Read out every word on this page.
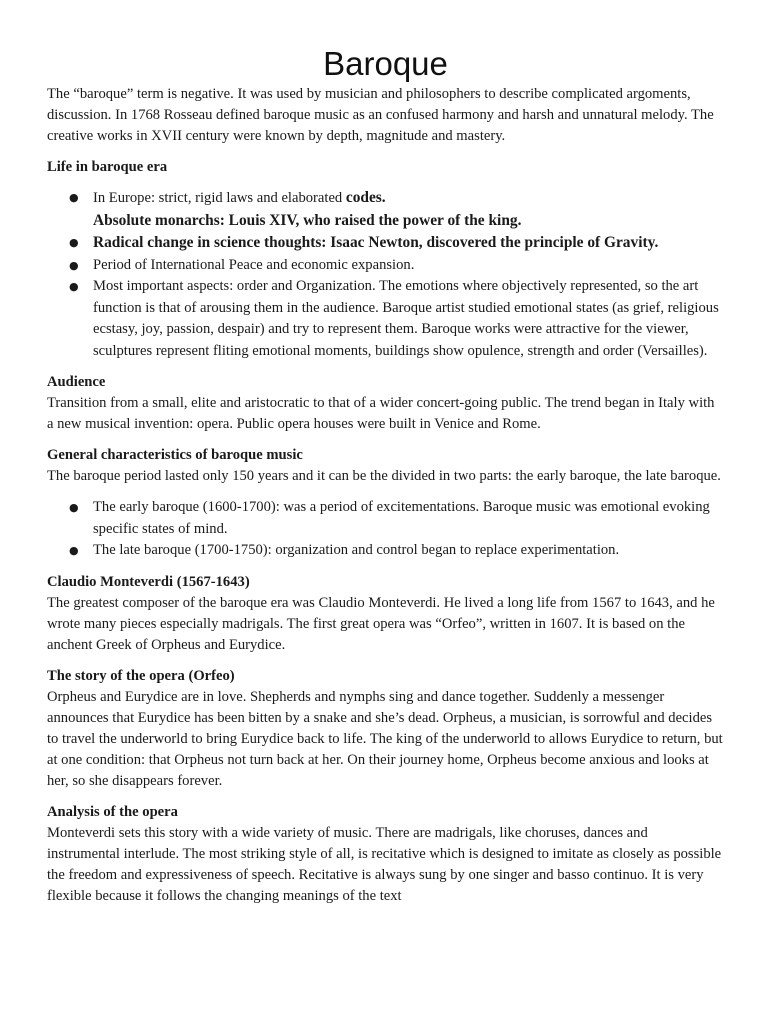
Baroque

The “baroque” term is negative. It was used by musician and philosophers to describe complicated argoments, discussion. In 1768 Rosseau defined baroque music as an confused harmony and harsh and unnatural melody. The creative works in XVII century were known by depth, magnitude and mastery.

Life in baroque era

● In Europe: strict, rigid laws and elaborated codes.
Absolute monarchs: Louis XIV, who raised the power of the king.
● Radical change in science thoughts: Isaac Newton, discovered the principle of Gravity.
● Period of International Peace and economic expansion.
● Most important aspects: order and Organization. The emotions where objectively represented, so the art function is that of arousing them in the audience. Baroque artist studied emotional states (as grief, religious ecstasy, joy, passion, despair) and try to represent them. Baroque works were attractive for the viewer, sculptures represent fliting emotional moments, buildings show opulence, strength and order (Versailles).

Audience

Transition from a small, elite and aristocratic to that of a wider concert-going public. The trend began in Italy with a new musical invention: opera. Public opera houses were built in Venice and Rome.

General characteristics of baroque music

The baroque period lasted only 150 years and it can be the divided in two parts: the early baroque, the late baroque.

● The early baroque (1600-1700): was a period of excitementations. Baroque music was emotional evoking specific states of mind.
● The late baroque (1700-1750): organization and control began to replace experimentation.

Claudio Monteverdi (1567-1643)

The greatest composer of the baroque era was Claudio Monteverdi. He lived a long life from 1567 to 1643, and he wrote many pieces especially madrigals. The first great opera was “Orfeo”, written in 1607. It is based on the anchent Greek of Orpheus and Eurydice.

The story of the opera (Orfeo)

Orpheus and Eurydice are in love. Shepherds and nymphs sing and dance together. Suddenly a messenger announces that Eurydice has been bitten by a snake and she’s dead. Orpheus, a musician, is sorrowful and decides to travel the underworld to bring Eurydice back to life. The king of the underworld to allows Eurydice to return, but at one condition: that Orpheus not turn back at her. On their journey home, Orpheus become anxious and looks at her, so she disappears forever.

Analysis of the opera

Monteverdi sets this story with a wide variety of music. There are madrigals, like choruses, dances and instrumental interlude. The most striking style of all, is recitative which is designed to imitate as closely as possible the freedom and expressiveness of speech. Recitative is always sung by one singer and basso continuo. It is very flexible because it follows the changing meanings of the text
